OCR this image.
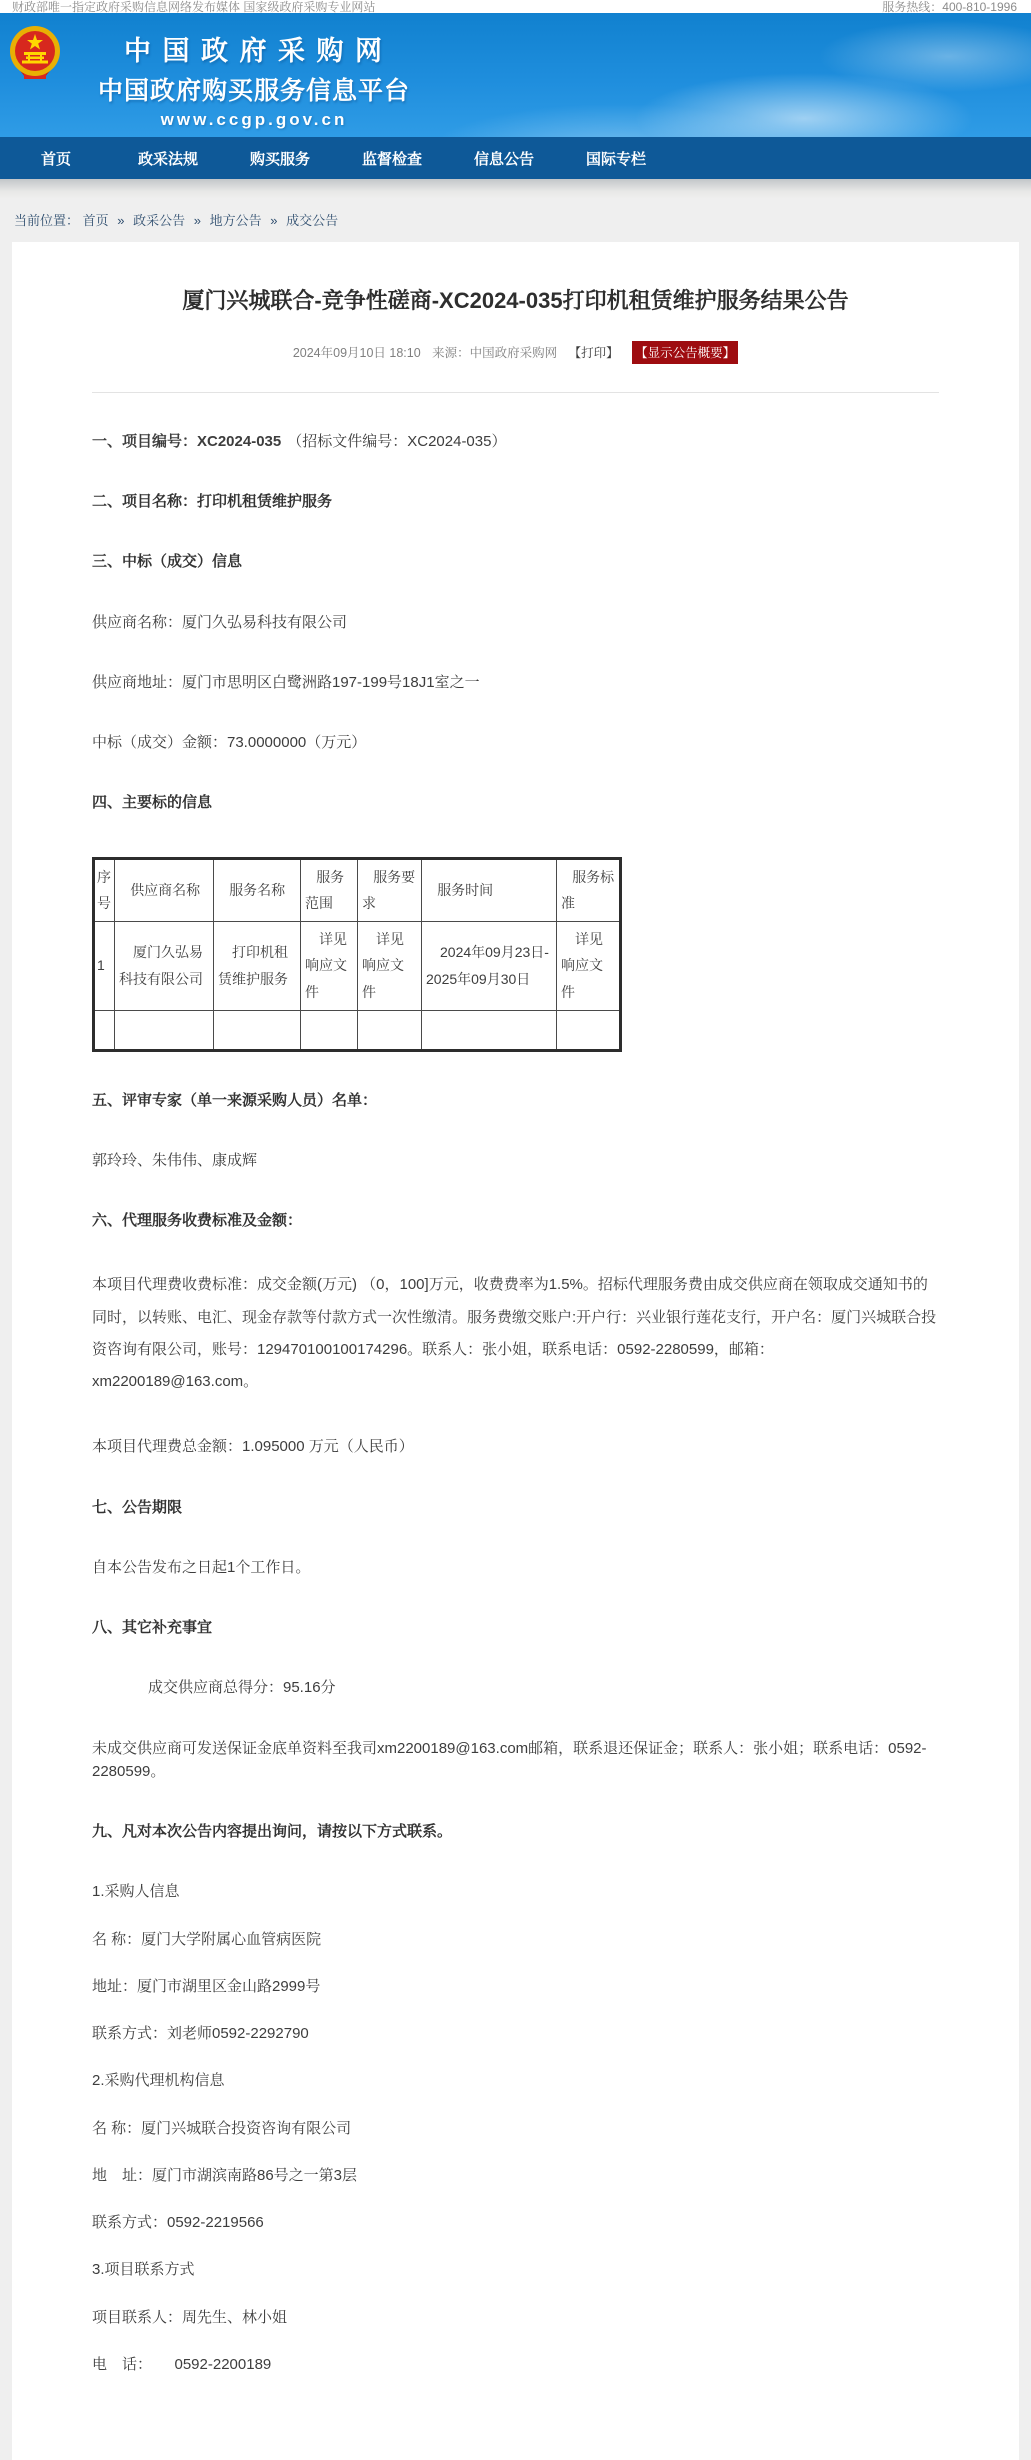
财政部唯一指定政府采购信息网络发布媒体 国家级政府采购专业网站	服务热线：400-810-1996
中 国 政 府 采 购 网
中国政府购买服务信息平台
www.ccgp.gov.cn
首页	政采法规	购买服务	监督检查	信息公告	国际专栏
当前位置： 首页 » 政采公告 » 地方公告 » 成交公告
厦门兴城联合-竞争性磋商-XC2024-035打印机租赁维护服务结果公告
2024年09月10日 18:10 来源：中国政府采购网 【打印】 【显示公告概要】

一、项目编号：XC2024-035 （招标文件编号：XC2024-035）

二、项目名称：打印机租赁维护服务

三、中标（成交）信息

供应商名称：厦门久弘易科技有限公司

供应商地址：厦门市思明区白鹭洲路197-199号18J1室之一

中标（成交）金额：73.0000000（万元）

四、主要标的信息

序号	供应商名称	服务名称	服务范围	服务要求	服务时间	服务标准
1	厦门久弘易科技有限公司	打印机租赁维护服务	详见响应文件	详见响应文件	2024年09月23日-2025年09月30日	详见响应文件

五、评审专家（单一来源采购人员）名单：

郭玲玲、朱伟伟、康成辉

六、代理服务收费标准及金额：

本项目代理费收费标准：成交金额(万元) （0，100]万元，收费费率为1.5%。招标代理服务费由成交供应商在领取成交通知书的同时，以转账、电汇、现金存款等付款方式一次性缴清。服务费缴交账户:开户行：兴业银行莲花支行，开户名：厦门兴城联合投资咨询有限公司，账号：129470100100174296。联系人：张小姐，联系电话：0592-2280599，邮箱：xm2200189@163.com。

本项目代理费总金额：1.095000 万元（人民币）

七、公告期限

自本公告发布之日起1个工作日。

八、其它补充事宜

成交供应商总得分：95.16分

未成交供应商可发送保证金底单资料至我司xm2200189@163.com邮箱，联系退还保证金；联系人：张小姐；联系电话：0592-2280599。

九、凡对本次公告内容提出询问，请按以下方式联系。

1.采购人信息

名 称：厦门大学附属心血管病医院

地址：厦门市湖里区金山路2999号

联系方式：刘老师0592-2292790

2.采购代理机构信息

名 称：厦门兴城联合投资咨询有限公司

地　址：厦门市湖滨南路86号之一第3层

联系方式：0592-2219566

3.项目联系方式

项目联系人：周先生、林小姐

电　话：　　0592-2200189
